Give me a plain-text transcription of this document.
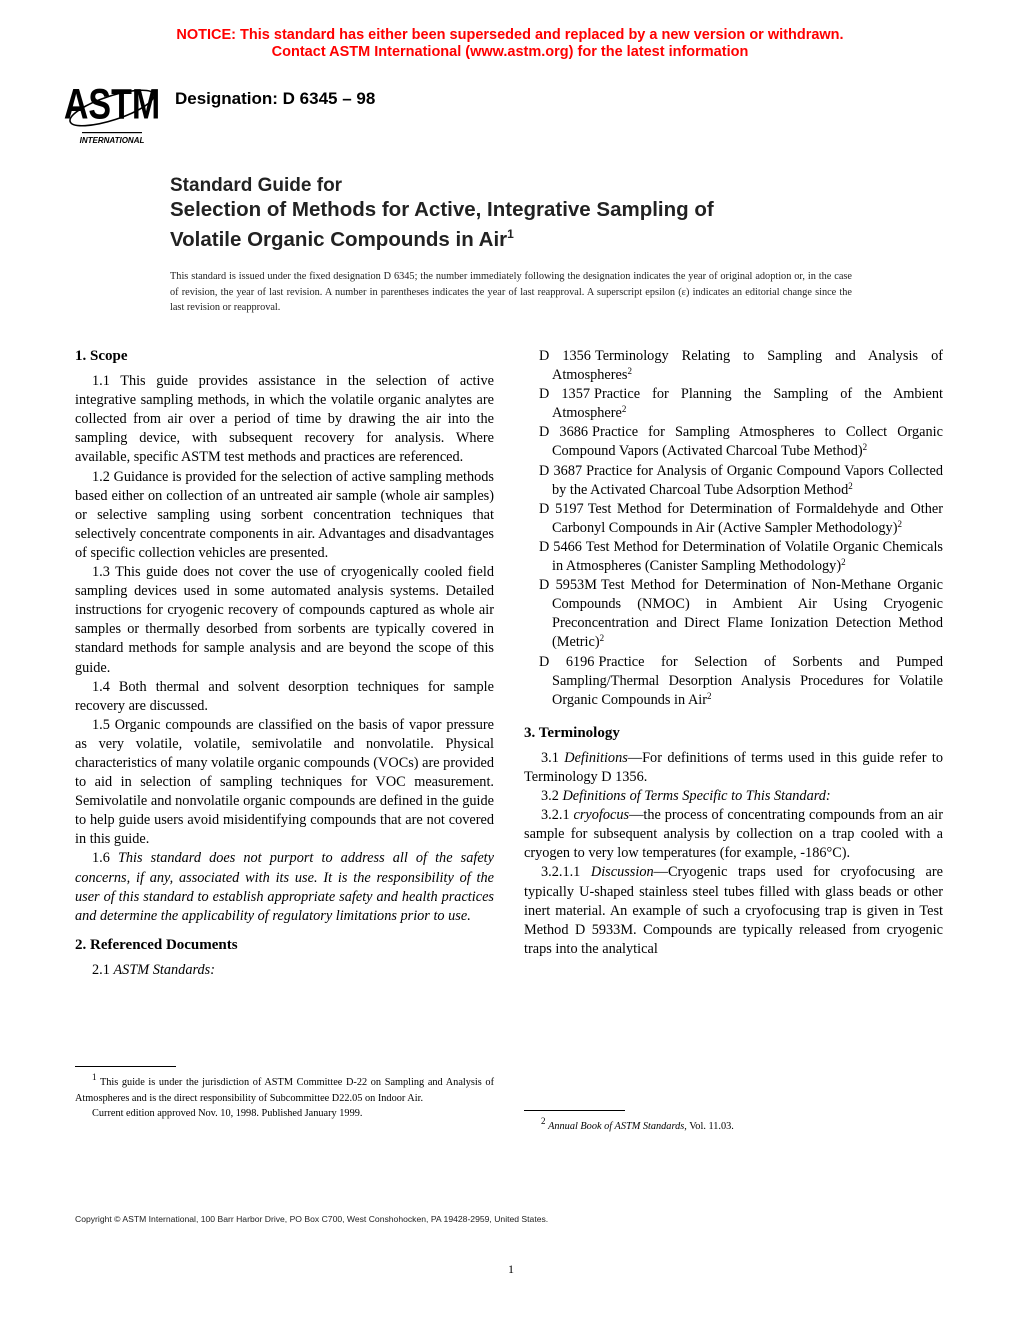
NOTICE: This standard has either been superseded and replaced by a new version or withdrawn.
Contact ASTM International (www.astm.org) for the latest information
ASTM
INTERNATIONAL
Designation: D 6345 – 98
Standard Guide for
Selection of Methods for Active, Integrative Sampling of
Volatile Organic Compounds in Air$^1$
This standard is issued under the fixed designation D 6345; the number immediately following the designation indicates the year of original adoption or, in the case of revision, the year of last revision. A number in parentheses indicates the year of last reapproval. A superscript epsilon (ε) indicates an editorial change since the last revision or reapproval.
1. Scope

1.1 This guide provides assistance in the selection of active integrative sampling methods, in which the volatile organic analytes are collected from air over a period of time by drawing the air into the sampling device, with subsequent recovery for analysis. Where available, specific ASTM test methods and practices are referenced.

1.2 Guidance is provided for the selection of active sampling methods based either on collection of an untreated air sample (whole air samples) or selective sampling using sorbent concentration techniques that selectively concentrate components in air. Advantages and disadvantages of specific collection vehicles are presented.

1.3 This guide does not cover the use of cryogenically cooled field sampling devices used in some automated analysis systems. Detailed instructions for cryogenic recovery of compounds captured as whole air samples or thermally desorbed from sorbents are typically covered in standard methods for sample analysis and are beyond the scope of this guide.

1.4 Both thermal and solvent desorption techniques for sample recovery are discussed.

1.5 Organic compounds are classified on the basis of vapor pressure as very volatile, volatile, semivolatile and nonvolatile. Physical characteristics of many volatile organic compounds (VOCs) are provided to aid in selection of sampling techniques for VOC measurement. Semivolatile and nonvolatile organic compounds are defined in the guide to help guide users avoid misidentifying compounds that are not covered in this guide.

1.6 This standard does not purport to address all of the safety concerns, if any, associated with its use. It is the responsibility of the user of this standard to establish appropriate safety and health practices and determine the applicability of regulatory limitations prior to use.

2. Referenced Documents

2.1 ASTM Standards:

$^1$ This guide is under the jurisdiction of ASTM Committee D-22 on Sampling and Analysis of Atmospheres and is the direct responsibility of Subcommittee D22.05 on Indoor Air.
Current edition approved Nov. 10, 1998. Published January 1999.

D 1356 Terminology Relating to Sampling and Analysis of Atmospheres$^2$

D 1357 Practice for Planning the Sampling of the Ambient Atmosphere$^2$

D 3686 Practice for Sampling Atmospheres to Collect Organic Compound Vapors (Activated Charcoal Tube Method)$^2$

D 3687 Practice for Analysis of Organic Compound Vapors Collected by the Activated Charcoal Tube Adsorption Method$^2$

D 5197 Test Method for Determination of Formaldehyde and Other Carbonyl Compounds in Air (Active Sampler Methodology)$^2$

D 5466 Test Method for Determination of Volatile Organic Chemicals in Atmospheres (Canister Sampling Methodology)$^2$

D 5953M Test Method for Determination of Non-Methane Organic Compounds (NMOC) in Ambient Air Using Cryogenic Preconcentration and Direct Flame Ionization Detection Method (Metric)$^2$

D 6196 Practice for Selection of Sorbents and Pumped Sampling/Thermal Desorption Analysis Procedures for Volatile Organic Compounds in Air$^2$

3. Terminology

3.1 Definitions—For definitions of terms used in this guide refer to Terminology D 1356.

3.2 Definitions of Terms Specific to This Standard:

3.2.1 cryofocus—the process of concentrating compounds from an air sample for subsequent analysis by collection on a trap cooled with a cryogen to very low temperatures (for example, -186°C).

3.2.1.1 Discussion—Cryogenic traps used for cryofocusing are typically U-shaped stainless steel tubes filled with glass beads or other inert material. An example of such a cryofocusing trap is given in Test Method D 5933M. Compounds are typically released from cryogenic traps into the analytical

$^2$ Annual Book of ASTM Standards, Vol. 11.03.
Copyright © ASTM International, 100 Barr Harbor Drive, PO Box C700, West Conshohocken, PA 19428-2959, United States.
1
